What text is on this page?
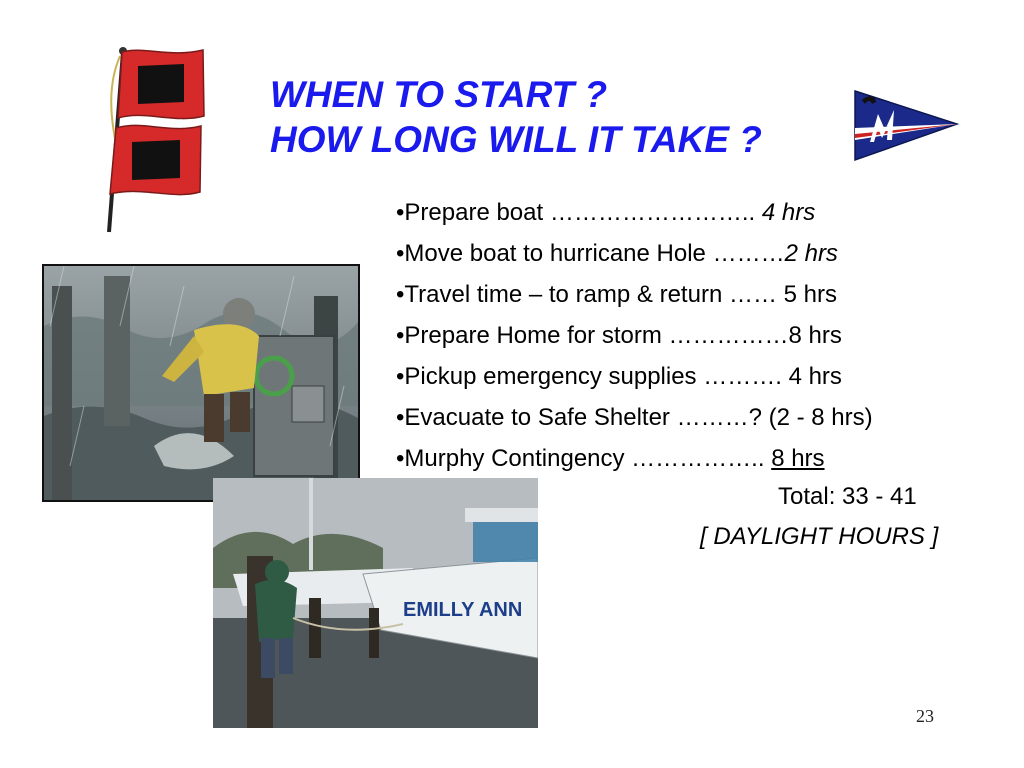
WHEN TO START ?
HOW LONG WILL IT TAKE ?
•Prepare boat …………………….. 4 hrs
•Move boat to hurricane Hole ………2 hrs
•Travel time – to ramp & return …… 5 hrs
•Prepare Home for storm ……………8 hrs
•Pickup emergency supplies ………. 4 hrs
•Evacuate to Safe Shelter ………? (2 - 8 hrs)
•Murphy Contingency …………….. 8 hrs
Total: 33 - 41
[ DAYLIGHT HOURS ]
EMILLY ANN
23
